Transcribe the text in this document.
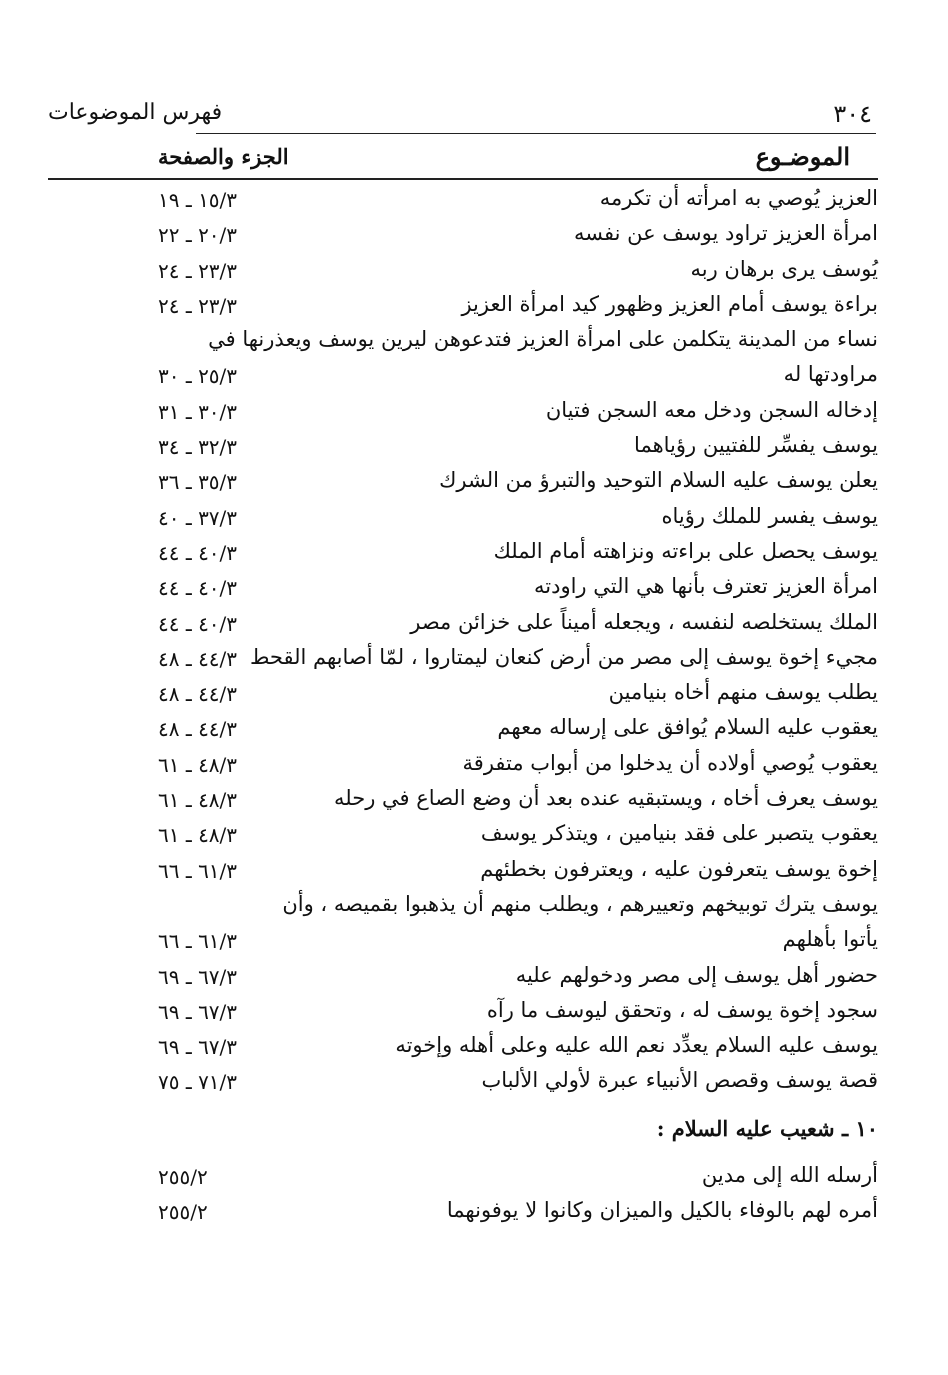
٣٠٤
فهرس الموضوعات
الموضـوع
الجزء والصفحة
العزيز يُوصي به امرأته أن تكرمه
١٥/٣ ـ ١٩
امرأة العزيز تراود يوسف عن نفسه
٢٠/٣ ـ ٢٢
يُوسف يرى برهان ربه
٢٣/٣ ـ ٢٤
براءة يوسف أمام العزيز وظهور كيد امرأة العزيز
٢٣/٣ ـ ٢٤
نساء من المدينة يتكلمن على امرأة العزيز فتدعوهن ليرين يوسف ويعذرنها في
مراودتها له
٢٥/٣ ـ ٣٠
إدخاله السجن ودخل معه السجن فتيان
٣٠/٣ ـ ٣١
يوسف يفسِّر للفتيين رؤياهما
٣٢/٣ ـ ٣٤
يعلن يوسف عليه السلام التوحيد والتبرؤ من الشرك
٣٥/٣ ـ ٣٦
يوسف يفسر للملك رؤياه
٣٧/٣ ـ ٤٠
يوسف يحصل على براءته ونزاهته أمام الملك
٤٠/٣ ـ ٤٤
امرأة العزيز تعترف بأنها هي التي راودته
٤٠/٣ ـ ٤٤
الملك يستخلصه لنفسه ، ويجعله أميناً على خزائن مصر
٤٠/٣ ـ ٤٤
مجيء إخوة يوسف إلى مصر من أرض كنعان ليمتاروا ، لمّا أصابهم القحط
٤٤/٣ ـ ٤٨
يطلب يوسف منهم أخاه بنيامين
٤٤/٣ ـ ٤٨
يعقوب عليه السلام يُوافق على إرساله معهم
٤٤/٣ ـ ٤٨
يعقوب يُوصي أولاده أن يدخلوا من أبواب متفرقة
٤٨/٣ ـ ٦١
يوسف يعرف أخاه ، ويستبقيه عنده بعد أن وضع الصاع في رحله
٤٨/٣ ـ ٦١
يعقوب يتصبر على فقد بنيامين ، ويتذكر يوسف
٤٨/٣ ـ ٦١
إخوة يوسف يتعرفون عليه ، ويعترفون بخطئهم
٦١/٣ ـ ٦٦
يوسف يترك توبيخهم وتعييرهم ، ويطلب منهم أن يذهبوا بقميصه ، وأن
يأتوا بأهلهم
٦١/٣ ـ ٦٦
حضور أهل يوسف إلى مصر ودخولهم عليه
٦٧/٣ ـ ٦٩
سجود إخوة يوسف له ، وتحقق ليوسف ما رآه
٦٧/٣ ـ ٦٩
يوسف عليه السلام يعدِّد نعم الله عليه وعلى أهله وإخوته
٦٧/٣ ـ ٦٩
قصة يوسف وقصص الأنبياء عبرة لأولي الألباب
٧١/٣ ـ ٧٥
١٠ ـ شعيب عليه السلام :
أرسله الله إلى مدين
٢٥٥/٢
أمره لهم بالوفاء بالكيل والميزان وكانوا لا يوفونهما
٢٥٥/٢
